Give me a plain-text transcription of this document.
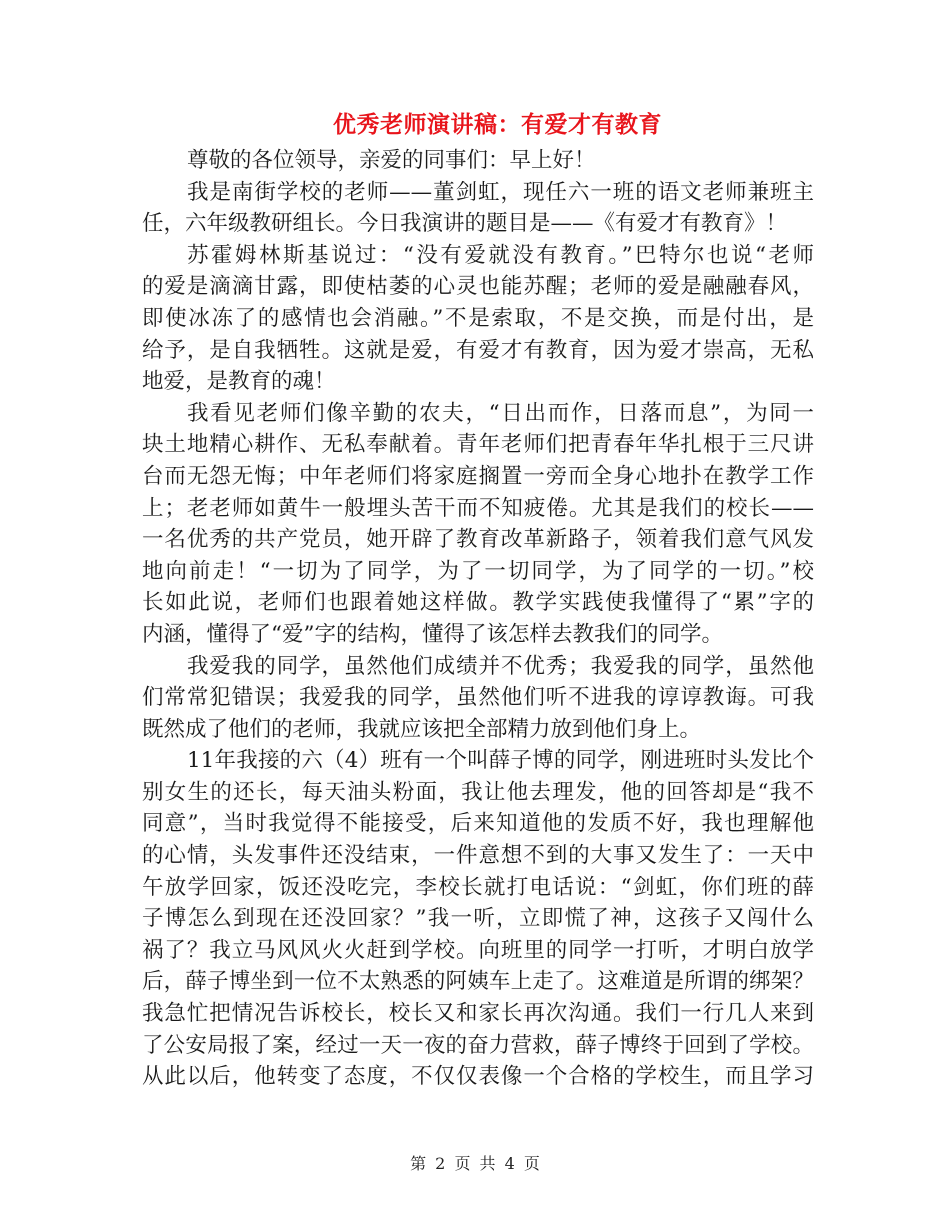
优秀老师演讲稿：有爱才有教育
尊敬的各位领导，亲爱的同事们：早上好！
我是南街学校的老师——董剑虹，现任六一班的语文老师兼班主
任，六年级教研组长。今日我演讲的题目是——《有爱才有教育》！
苏霍姆林斯基说过：“没有爱就没有教育。”巴特尔也说“老师
的爱是滴滴甘露，即使枯萎的心灵也能苏醒；老师的爱是融融春风，
即使冰冻了的感情也会消融。”不是索取，不是交换，而是付出，是
给予，是自我牺牲。这就是爱，有爱才有教育，因为爱才崇高，无私
地爱，是教育的魂！
我看见老师们像辛勤的农夫，“日出而作，日落而息”，为同一
块土地精心耕作、无私奉献着。青年老师们把青春年华扎根于三尺讲
台而无怨无悔；中年老师们将家庭搁置一旁而全身心地扑在教学工作
上；老老师如黄牛一般埋头苦干而不知疲倦。尤其是我们的校长——
一名优秀的共产党员，她开辟了教育改革新路子，领着我们意气风发
地向前走！“一切为了同学，为了一切同学，为了同学的一切。”校
长如此说，老师们也跟着她这样做。教学实践使我懂得了“累”字的
内涵，懂得了“爱”字的结构，懂得了该怎样去教我们的同学。
我爱我的同学，虽然他们成绩并不优秀；我爱我的同学，虽然他
们常常犯错误；我爱我的同学，虽然他们听不进我的谆谆教诲。可我
既然成了他们的老师，我就应该把全部精力放到他们身上。
11年我接的六（4）班有一个叫薛子博的同学，刚进班时头发比个
别女生的还长，每天油头粉面，我让他去理发，他的回答却是“我不
同意”，当时我觉得不能接受，后来知道他的发质不好，我也理解他
的心情，头发事件还没结束，一件意想不到的大事又发生了：一天中
午放学回家，饭还没吃完，李校长就打电话说：“剑虹，你们班的薛
子博怎么到现在还没回家？”我一听，立即慌了神，这孩子又闯什么
祸了？我立马风风火火赶到学校。向班里的同学一打听，才明白放学
后，薛子博坐到一位不太熟悉的阿姨车上走了。这难道是所谓的绑架？
我急忙把情况告诉校长，校长又和家长再次沟通。我们一行几人来到
了公安局报了案，经过一天一夜的奋力营救，薛子博终于回到了学校。
从此以后，他转变了态度，不仅仅表像一个合格的学校生，而且学习
第 2 页 共 4 页
